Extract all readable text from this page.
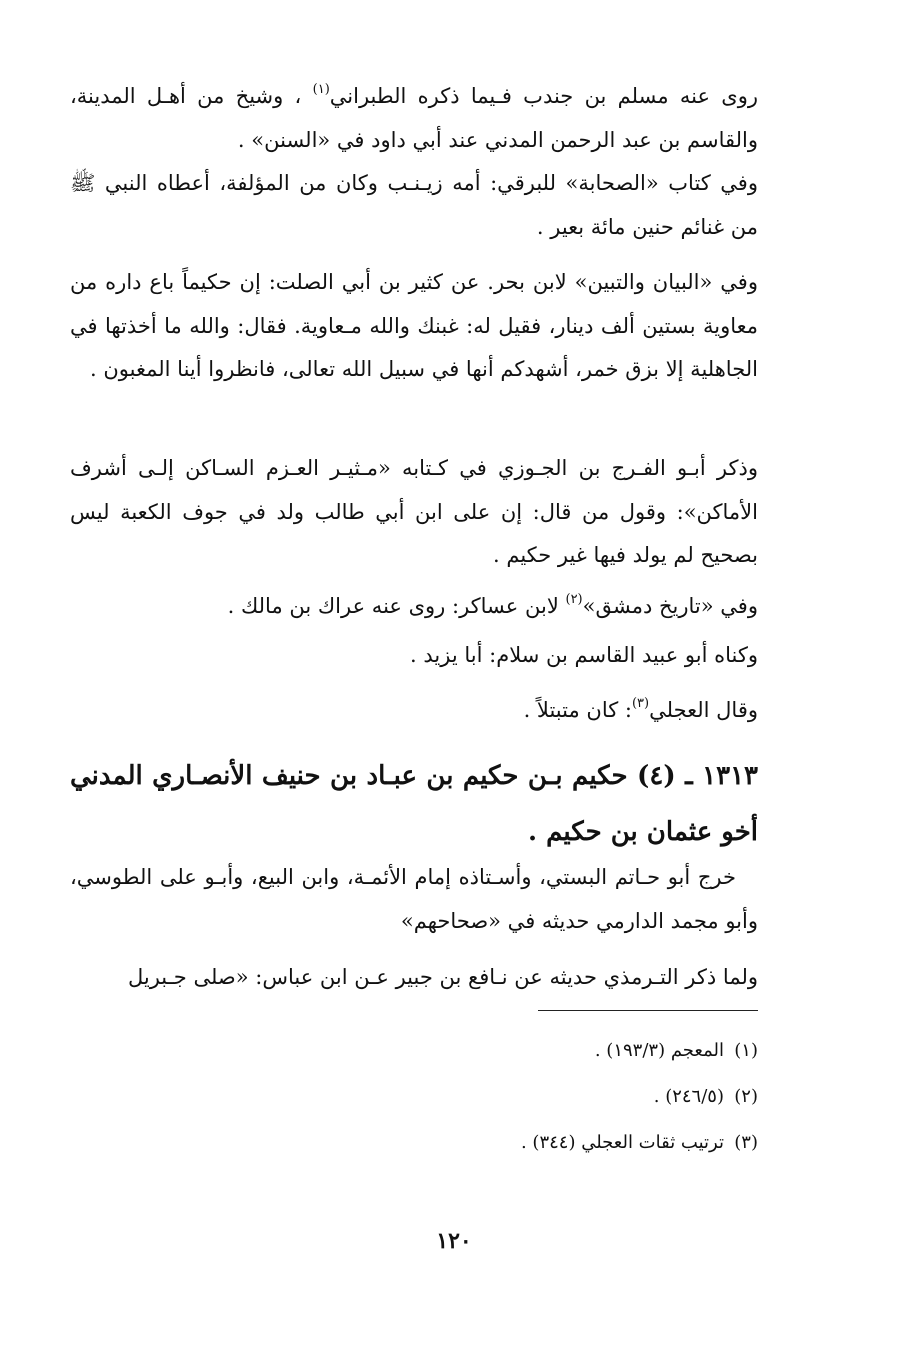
روى عنه مسلم بن جندب فـيما ذكره الطبراني$^{(١)}$ ، وشيخ من أهـل المدينة، والقاسم بن عبد الرحمن المدني عند أبي داود في «السنن» .

وفي كتاب «الصحابة» للبرقي: أمه زيـنـب وكان من المؤلفة، أعطاه النبي ﷺ من غنائم حنين مائة بعير .

وفي «البيان والتبين» لابن بحر. عن كثير بن أبي الصلت: إن حكيماً باع داره من معاوية بستين ألف دينار، فقيل له: غبنك والله مـعاوية. فقال: والله ما أخذتها في الجاهلية إلا بزق خمر، أشهدكم أنها في سبيل الله تعالى، فانظروا أينا المغبون .

وذكر أبـو الفـرج بن الجـوزي في كـتابه «مـثيـر العـزم السـاكن إلـى أشرف الأماكن»: وقول من قال: إن على ابن أبي طالب ولد في جوف الكعبة ليس بصحيح لم يولد فيها غير حكيم .

وفي «تاريخ دمشق»$^{(٢)}$ لابن عساكر: روى عنه عراك بن مالك .

وكناه أبو عبيد القاسم بن سلام: أبا يزيد .

وقال العجلي$^{(٣)}$: كان متبتلاً .

١٣١٣ ـ (٤) حكيم بـن حكيم بن عبـاد بن حنيف الأنصـاري المدني أخو عثمان بن حكيم .

خرج أبو حـاتم البستي، وأسـتاذه إمام الأئمـة، وابن البيع، وأبـو على الطوسي، وأبو مجمد الدارمي حديثه في «صحاحهم»

ولما ذكر التـرمذي حديثه عن نـافع بن جبير عـن ابن عباس: «صلى جـبريل

(١)المعجم (١٩٣/٣) .

(٢)(٢٤٦/٥) .

(٣)ترتيب ثقات العجلي (٣٤٤) .

١٢٠
